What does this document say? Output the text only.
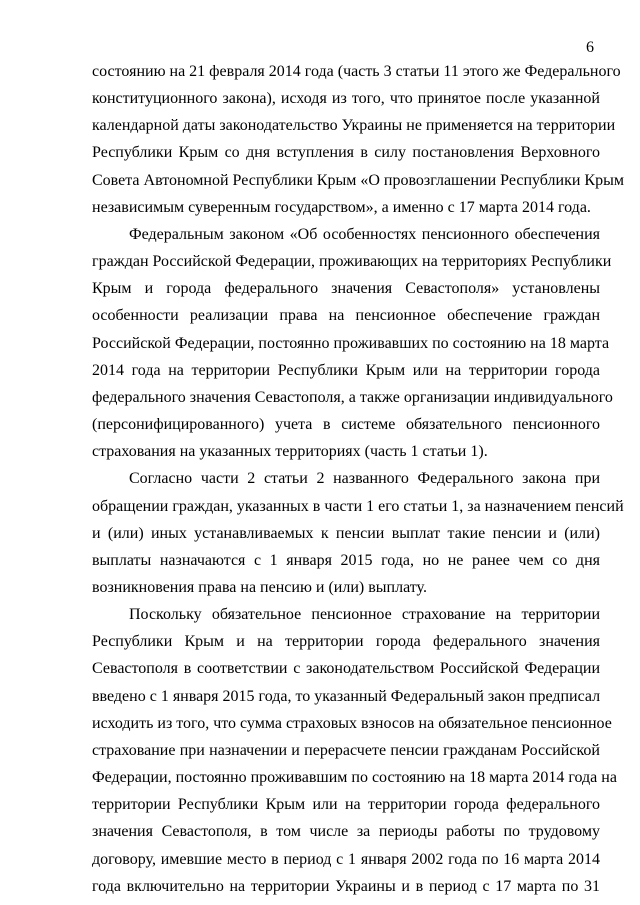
6
состоянию на 21 февраля 2014 года (часть 3 статьи 11 этого же Федерального
конституционного закона), исходя из того, что принятое после указанной
календарной даты законодательство Украины не применяется на территории
Республики Крым со дня вступления в силу постановления Верховного
Совета Автономной Республики Крым «О провозглашении Республики Крым
независимым суверенным государством», а именно с 17 марта 2014 года.
Федеральным законом «Об особенностях пенсионного обеспечения
граждан Российской Федерации, проживающих на территориях Республики
Крым и города федерального значения Севастополя» установлены
особенности реализации права на пенсионное обеспечение граждан
Российской Федерации, постоянно проживавших по состоянию на 18 марта
2014 года на территории Республики Крым или на территории города
федерального значения Севастополя, а также организации индивидуального
(персонифицированного) учета в системе обязательного пенсионного
страхования на указанных территориях (часть 1 статьи 1).
Согласно части 2 статьи 2 названного Федерального закона при
обращении граждан, указанных в части 1 его статьи 1, за назначением пенсий
и (или) иных устанавливаемых к пенсии выплат такие пенсии и (или)
выплаты назначаются с 1 января 2015 года, но не ранее чем со дня
возникновения права на пенсию и (или) выплату.
Поскольку обязательное пенсионное страхование на территории
Республики Крым и на территории города федерального значения
Севастополя в соответствии с законодательством Российской Федерации
введено с 1 января 2015 года, то указанный Федеральный закон предписал
исходить из того, что сумма страховых взносов на обязательное пенсионное
страхование при назначении и перерасчете пенсии гражданам Российской
Федерации, постоянно проживавшим по состоянию на 18 марта 2014 года на
территории Республики Крым или на территории города федерального
значения Севастополя, в том числе за периоды работы по трудовому
договору, имевшие место в период с 1 января 2002 года по 16 марта 2014
года включительно на территории Украины и в период с 17 марта по 31
